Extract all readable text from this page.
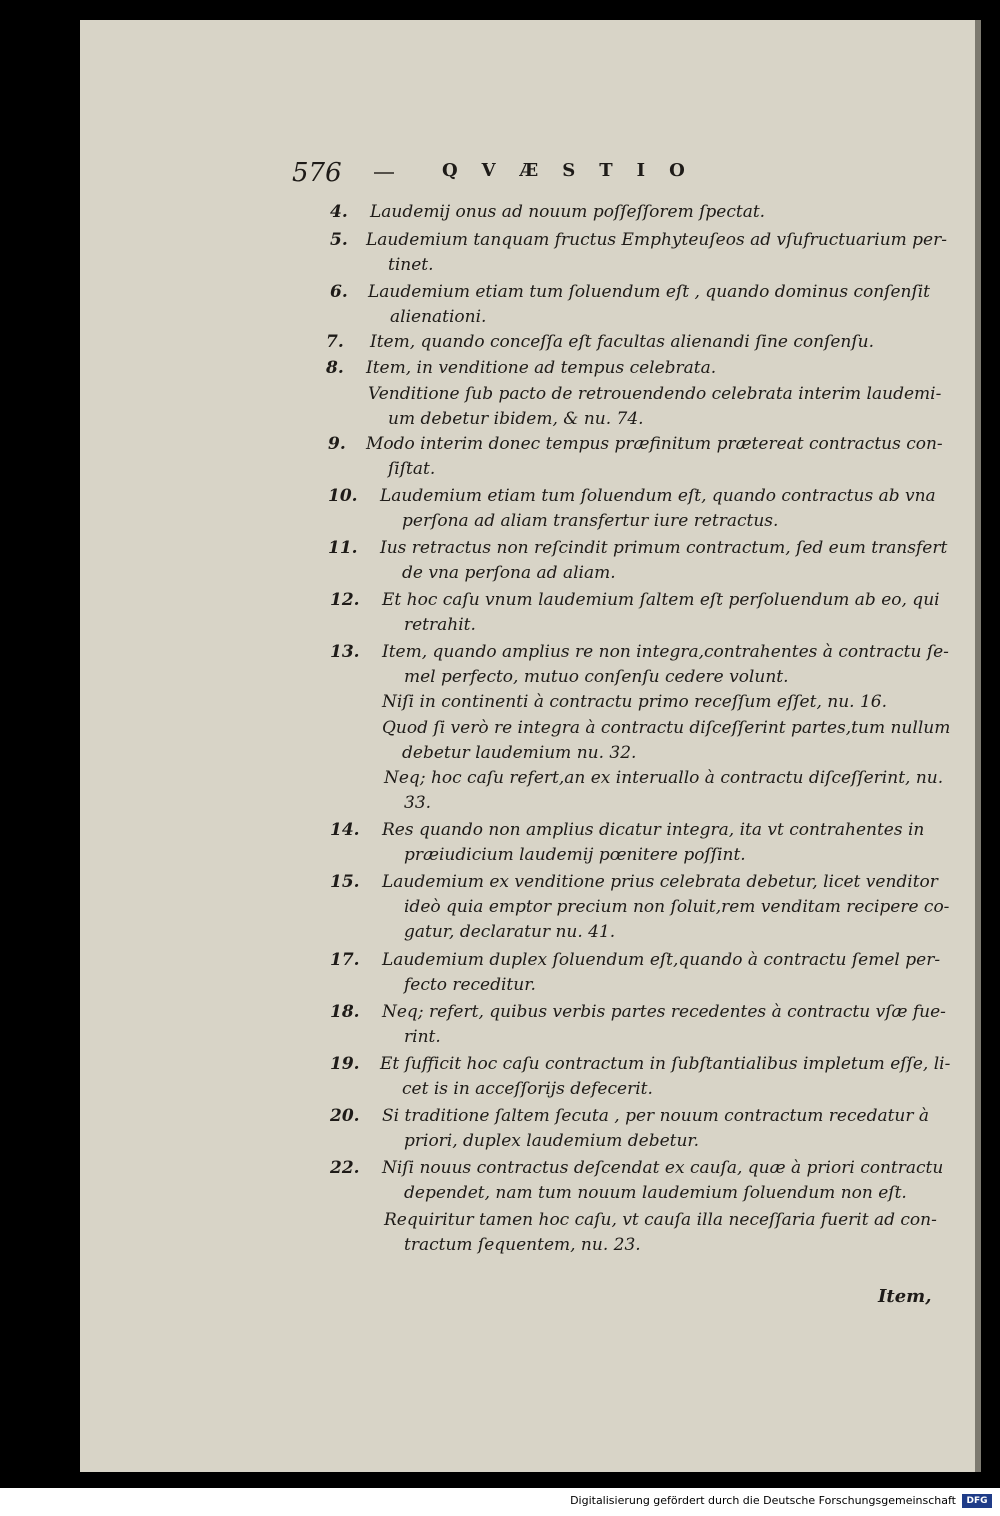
576	QVÆSTIO
4. Laudemij onus ad nouum poſſeſſorem ſpectat.
5. Laudemium tanquam fructus Emphyteuſeos ad vſufructuarium per-
tinet.
6. Laudemium etiam tum ſoluendum eſt , quando dominus conſenſit
alienationi.
7. Item, quando conceſſa eſt facultas alienandi ſine conſenſu.
8. Item, in venditione ad tempus celebrata.
Venditione ſub pacto de retrouendendo celebrata interim laudemi-
um debetur ibidem, & nu. 74.
9. Modo interim donec tempus præfinitum prætereat contractus con-
ſiſtat.
10. Laudemium etiam tum ſoluendum eſt, quando contractus ab vna
perſona ad aliam transfertur iure retractus.
11. Ius retractus non reſcindit primum contractum, ſed eum transfert
de vna perſona ad aliam.
12. Et hoc caſu vnum laudemium ſaltem eſt perſoluendum ab eo, qui
retrahit.
13. Item, quando amplius re non integra,contrahentes à contractu ſe-
mel perfecto, mutuo conſenſu cedere volunt.
Niſi in continenti à contractu primo receſſum eſſet, nu. 16.
Quod ſi verò re integra à contractu diſceſſerint partes,tum nullum
debetur laudemium nu. 32.
Neq; hoc caſu refert,an ex interuallo à contractu diſceſſerint, nu.
33.
14. Res quando non amplius dicatur integra, ita vt contrahentes in
præiudicium laudemij pœnitere poſſint.
15. Laudemium ex venditione prius celebrata debetur, licet venditor
ideò quia emptor precium non ſoluit,rem venditam recipere co-
gatur, declaratur nu. 41.
17. Laudemium duplex ſoluendum eſt,quando à contractu ſemel per-
fecto receditur.
18. Neq; refert, quibus verbis partes recedentes à contractu vſæ fue-
rint.
19. Et ſufficit hoc caſu contractum in ſubſtantialibus impletum eſſe, li-
cet is in acceſſorijs defecerit.
20. Si traditione ſaltem ſecuta , per nouum contractum recedatur à
priori, duplex laudemium debetur.
22. Niſi nouus contractus deſcendat ex cauſa, quæ à priori contractu
dependet, nam tum nouum laudemium ſoluendum non eſt.
Requiritur tamen hoc caſu, vt cauſa illa neceſſaria fuerit ad con-
tractum ſequentem, nu. 23.
Item,
Digitalisierung gefördert durch die Deutsche Forschungsgemeinschaft	DFG
